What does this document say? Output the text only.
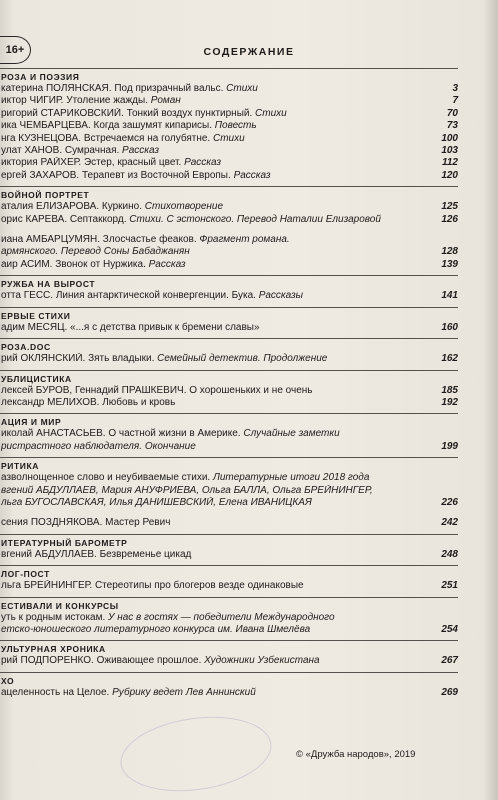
16+	СОДЕРЖАНИЕ
РОЗА И ПОЭЗИЯ
катерина ПОЛЯНСКАЯ. Под призрачный вальс. Стихи	3
иктор ЧИГИР. Утоление жажды. Роман	7
ригорий СТАРИКОВСКИЙ. Тонкий воздух пунктирный. Стихи	70
ика ЧЕМБАРЦЕВА. Когда зашумят кипарисы. Повесть	73
нга КУЗНЕЦОВА. Встречаемся на голубятне. Стихи	100
улат ХАНОВ. Сумрачная. Рассказ	103
иктория РАЙХЕР. Эстер, красный цвет. Рассказ	112
ергей ЗАХАРОВ. Терапевт из Восточной Европы. Рассказ	120
ВОЙНОЙ ПОРТРЕТ
аталия ЕЛИЗАРОВА. Куркино. Стихотворение	125
орис КАРЕВА. Септаккорд. Стихи. С эстонского. Перевод Наталии Елизаровой	126
иана АМБАРЦУМЯН. Злосчастье феаков. Фрагмент романа.
армянского. Перевод Соны Бабаджанян	128
аир АСИМ. Звонок от Нуржика. Рассказ	139
РУЖБА НА ВЫРОСТ
отта ГЕСС. Линия антарктической конвергенции. Бука. Рассказы	141
ЕРВЫЕ СТИХИ
адим МЕСЯЦ. «...я с детства привык к бремени славы»	160
РОЗА.DOC
рий ОКЛЯНСКИЙ. Зять владыки. Семейный детектив. Продолжение	162
УБЛИЦИСТИКА
лексей БУРОВ, Геннадий ПРАШКЕВИЧ. О хорошеньких и не очень	185
лександр МЕЛИХОВ. Любовь и кровь	192
АЦИЯ И МИР
иколай АНАСТАСЬЕВ. О частной жизни в Америке. Случайные заметки
ристрастного наблюдателя. Окончание	199
РИТИКА
азволнощенное слово и неубиваемые стихи. Литературные итоги 2018 года
вгений АБДУЛЛАЕВ, Мария АНУФРИЕВА, Ольга БАЛЛА, Ольга БРЕЙНИНГЕР,
льга БУГОСЛАВСКАЯ, Илья ДАНИШЕВСКИЙ, Елена ИВАНИЦКАЯ	226
сения ПОЗДНЯКОВА. Мастер Ревич	242
ИТЕРАТУРНЫЙ БАРОМЕТР
вгений АБДУЛЛАЕВ. Безвременье цикад	248
ЛОГ-ПОСТ
льга БРЕЙНИНГЕР. Стереотипы про блогеров везде одинаковые	251
ЕСТИВАЛИ И КОНКУРСЫ
уть к родным истокам. У нас в гостях — победители Международного
етско-юношеского литературного конкурса им. Ивана Шмелёва	254
УЛЬТУРНАЯ ХРОНИКА
рий ПОДПОРЕНКО. Оживающее прошлое. Художники Узбекистана	267
ХО
ацеленность на Целое. Рубрику ведет Лев Аннинский	269
© «Дружба народов», 2019
